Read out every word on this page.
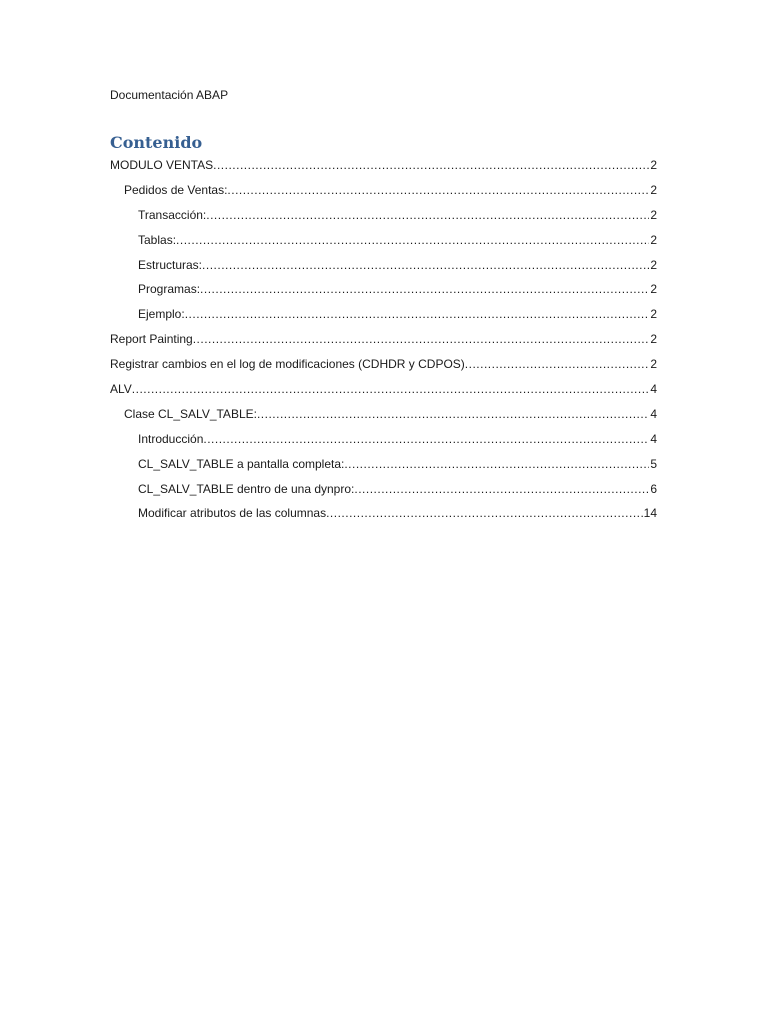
Documentación ABAP
Contenido
MODULO VENTAS .....	2
Pedidos de Ventas: .....	2
Transacción: .....	2
Tablas: .....	2
Estructuras: .....	2
Programas: .....	2
Ejemplo: .....	2
Report Painting .....	2
Registrar cambios en el log de modificaciones (CDHDR y CDPOS) .....	2
ALV .....	4
Clase CL_SALV_TABLE: .....	4
Introducción .....	4
CL_SALV_TABLE a pantalla completa: .....	5
CL_SALV_TABLE dentro de una dynpro: .....	6
Modificar atributos de las columnas .....	14
